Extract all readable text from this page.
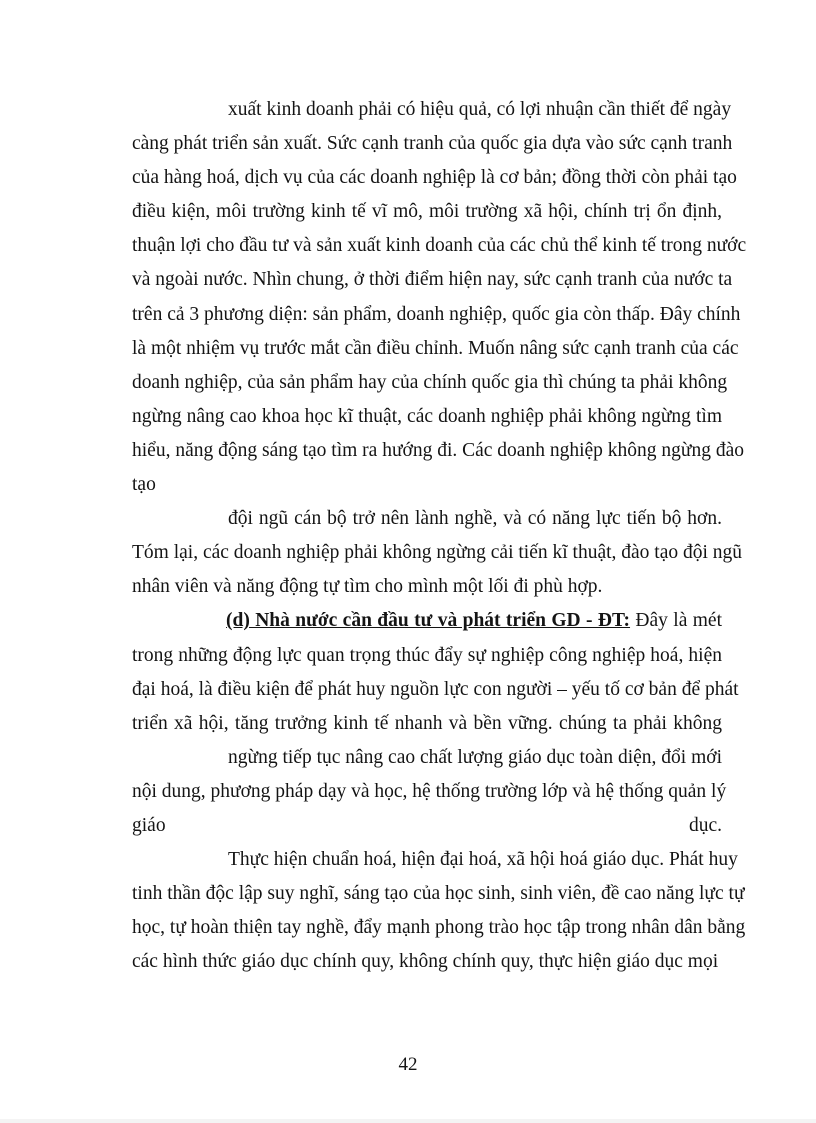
xuất kinh doanh phải có hiệu quả, có lợi nhuận cần thiết để ngày
càng phát triển sản xuất. Sức cạnh tranh của quốc gia dựa vào sức cạnh tranh
của hàng hoá, dịch vụ của các doanh nghiệp là cơ bản; đồng thời còn phải tạo
điều kiện, môi trường kinh tế vĩ mô, môi trường xã hội, chính trị ổn định,
thuận lợi cho đầu tư và sản xuất kinh doanh của các chủ thể kinh tế trong nước
và ngoài nước. Nhìn chung, ở thời điểm hiện nay, sức cạnh tranh của nước ta
trên cả 3 phương diện: sản phẩm, doanh nghiệp, quốc gia còn thấp. Đây chính
là một nhiệm vụ trước mắt cần điều chỉnh. Muốn nâng sức cạnh tranh của các
doanh nghiệp, của sản phẩm hay của chính quốc gia thì chúng ta phải không
ngừng nâng cao khoa học kĩ thuật, các doanh nghiệp phải không ngừng tìm
hiểu, năng động sáng tạo tìm ra hướng đi. Các doanh nghiệp không ngừng đào
tạo
đội ngũ cán bộ trở nên lành nghề, và có năng lực tiến bộ hơn.
Tóm lại, các doanh nghiệp phải không ngừng cải tiến kĩ thuật, đào tạo đội ngũ
nhân viên và năng động tự tìm cho mình một lối đi phù hợp.
(d) Nhà nước cần đầu tư và phát triển GD - ĐT: Đây là mét
trong những động lực quan trọng thúc đẩy sự nghiệp công nghiệp hoá, hiện
đại hoá, là điều kiện để phát huy nguồn lực con người – yếu tố cơ bản để phát
triển xã hội, tăng trưởng kinh tế nhanh và bền vững. chúng ta phải không
ngừng tiếp tục nâng cao chất lượng giáo dục toàn diện, đổi mới
nội dung, phương pháp dạy và học, hệ thống trường lớp và hệ thống quản lý
giáo	dục.
Thực hiện chuẩn hoá, hiện đại hoá, xã hội hoá giáo dục. Phát huy
tinh thần độc lập suy nghĩ, sáng tạo của học sinh, sinh viên, đề cao năng lực tự
học, tự hoàn thiện tay nghề, đẩy mạnh phong trào học tập trong nhân dân bằng
các hình thức giáo dục chính quy, không chính quy, thực hiện giáo dục mọi
42
